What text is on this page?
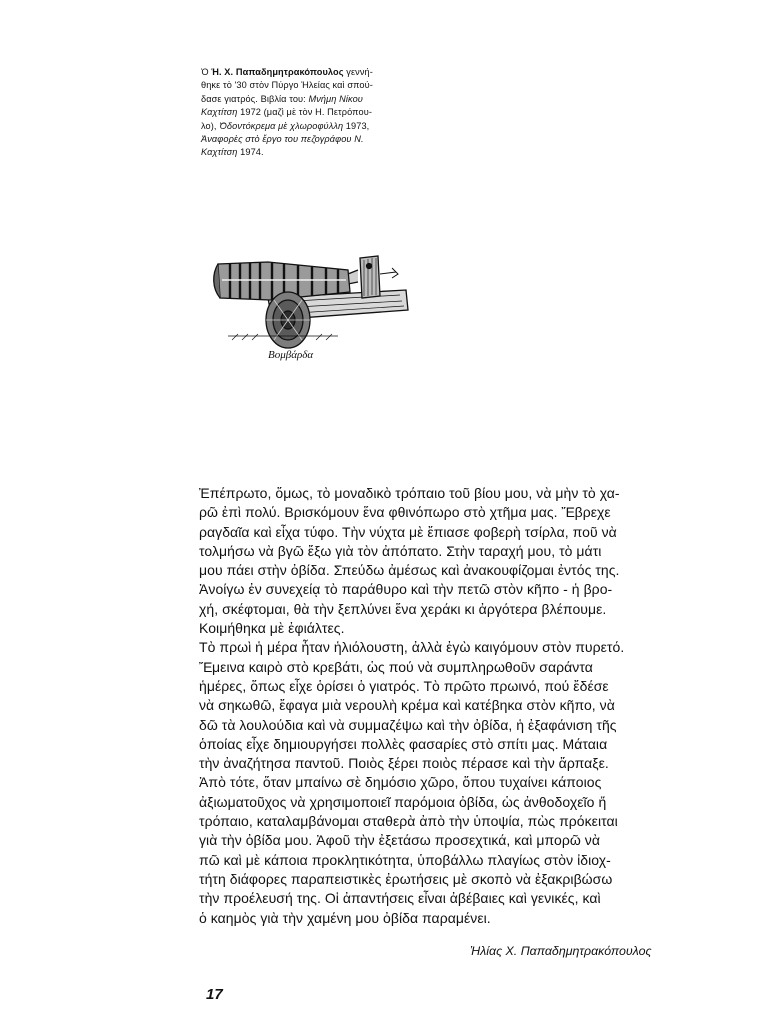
Ὁ Ἡ. Χ. Παπαδημητρακόπουλος γεννή-
θηκε τὸ '30 στὸν Πύργο Ἠλείας καὶ σπού-
δασε γιατρός. Βιβλία του: Μνήμη Νίκου
Καχτίτση 1972 (μαζὶ μὲ τὸν Η. Πετρόπου-
λο), Ὀδοντόκρεμα μὲ χλωροφύλλη 1973,
Ἀναφορὲς στὸ ἔργο του πεζογράφου Ν.
Καχτίτση 1974.
Βομβάρδα
Ἐπέπρωτο, ὅμως, τὸ μοναδικὸ τρόπαιο τοῦ βίου μου, νὰ μὴν τὸ χα-
ρῶ ἐπὶ πολύ. Βρισκόμουν ἕνα φθινόπωρο στὸ χτῆμα μας. Ἔβρεχε
ραγδαῖα καὶ εἶχα τύφο. Τὴν νύχτα μὲ ἔπιασε φοβερὴ τσίρλα, ποῦ νὰ
τολμήσω νὰ βγῶ ἔξω γιὰ τὸν ἀπόπατο. Στὴν ταραχή μου, τὸ μάτι
μου πάει στὴν ὀβίδα. Σπεύδω ἀμέσως καὶ ἀνακουφίζομαι ἐντός της.
Ἀνοίγω ἐν συνεχείᾳ τὸ παράθυρο καὶ τὴν πετῶ στὸν κῆπο - ἡ βρο-
χή, σκέφτομαι, θὰ τὴν ξεπλύνει ἕνα χεράκι κι ἀργότερα βλέπουμε.
Κοιμήθηκα μὲ ἐφιάλτες.
Τὸ πρωὶ ἡ μέρα ἦταν ἡλιόλουστη, ἀλλὰ ἐγὼ καιγόμουν στὸν πυρετό.
Ἔμεινα καιρὸ στὸ κρεβάτι, ὡς πού νὰ συμπληρωθοῦν σαράντα
ἡμέρες, ὅπως εἶχε ὁρίσει ὁ γιατρός. Τὸ πρῶτο πρωινό, πού ἔδέσε
νὰ σηκωθῶ, ἔφαγα μιὰ νερουλὴ κρέμα καὶ κατέβηκα στὸν κῆπο, νὰ
δῶ τὰ λουλούδια καὶ νὰ συμμαζέψω καὶ τὴν ὀβίδα, ἡ ἐξαφάνιση τῆς
ὁποίας εἶχε δημιουργήσει πολλὲς φασαρίες στὸ σπίτι μας. Μάταια
τὴν ἀναζήτησα παντοῦ. Ποιὸς ξέρει ποιὸς πέρασε καὶ τὴν ἅρπαξε.
Ἀπὸ τότε, ὅταν μπαίνω σὲ δημόσιο χῶρο, ὅπου τυχαίνει κάποιος
ἀξιωματοῦχος νὰ χρησιμοποιεῖ παρόμοια ὀβίδα, ὡς ἀνθοδοχεῖο ἤ
τρόπαιο, καταλαμβάνομαι σταθερὰ ἀπὸ τὴν ὑποψία, πὼς πρόκειται
γιὰ τὴν ὀβίδα μου. Ἀφοῦ τὴν ἐξετάσω προσεχτικά, καὶ μπορῶ νὰ
πῶ καὶ μὲ κάποια προκλητικότητα, ὑποβάλλω πλαγίως στὸν ἰδιοχ-
τήτη διάφορες παραπειστικὲς ἐρωτήσεις μὲ σκοπὸ νὰ ἐξακριβώσω
τὴν προέλευσή της. Οἱ ἀπαντήσεις εἶναι ἀβέβαιες καὶ γενικές, καὶ
ὁ καημὸς γιὰ τὴν χαμένη μου ὀβίδα παραμένει.
Ἠλίας Χ. Παπαδημητρακόπουλος
17
